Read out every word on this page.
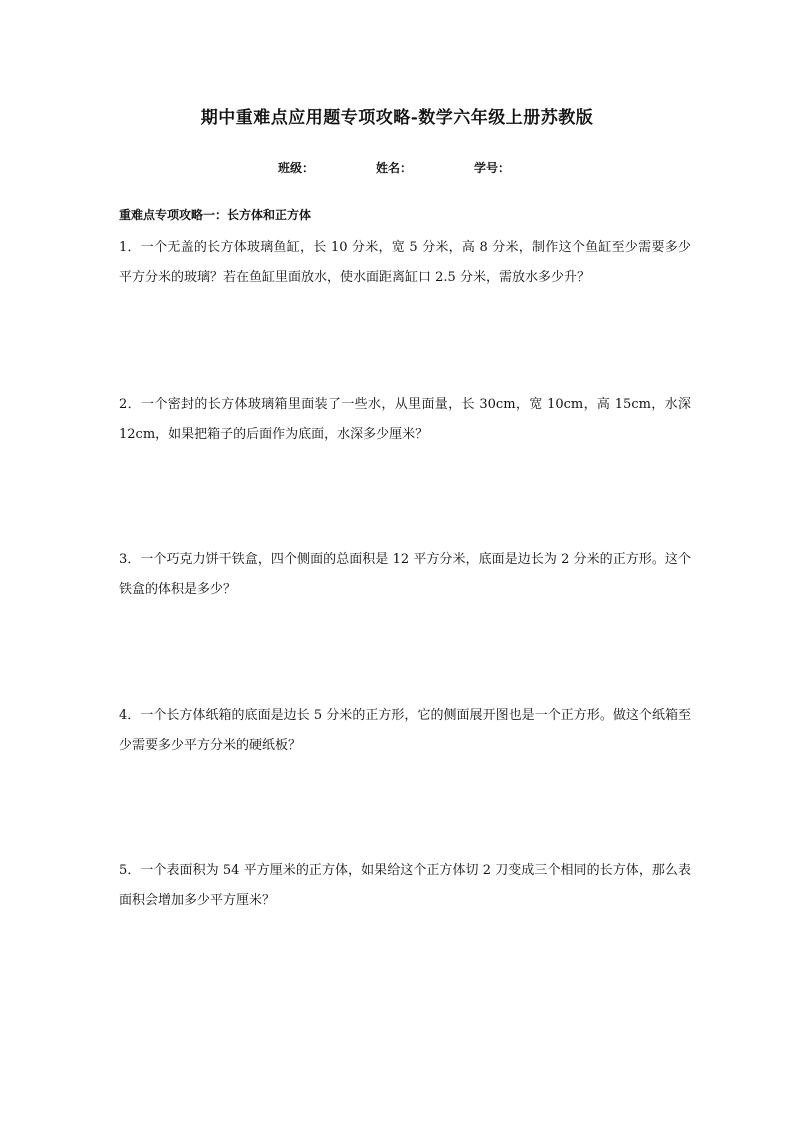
期中重难点应用题专项攻略-数学六年级上册苏教版
班级：	姓名：	学号：
重难点专项攻略一：长方体和正方体
1．一个无盖的长方体玻璃鱼缸，长 10 分米，宽 5 分米，高 8 分米，制作这个鱼缸至少需要多少平方分米的玻璃？若在鱼缸里面放水，使水面距离缸口 2.5 分米，需放水多少升？
2．一个密封的长方体玻璃箱里面装了一些水，从里面量，长 30cm，宽 10cm，高 15cm，水深 12cm，如果把箱子的后面作为底面，水深多少厘米？
3．一个巧克力饼干铁盒，四个侧面的总面积是 12 平方分米，底面是边长为 2 分米的正方形。这个铁盒的体积是多少？
4．一个长方体纸箱的底面是边长 5 分米的正方形，它的侧面展开图也是一个正方形。做这个纸箱至少需要多少平方分米的硬纸板？
5．一个表面积为 54 平方厘米的正方体，如果给这个正方体切 2 刀变成三个相同的长方体，那么表面积会增加多少平方厘米？
